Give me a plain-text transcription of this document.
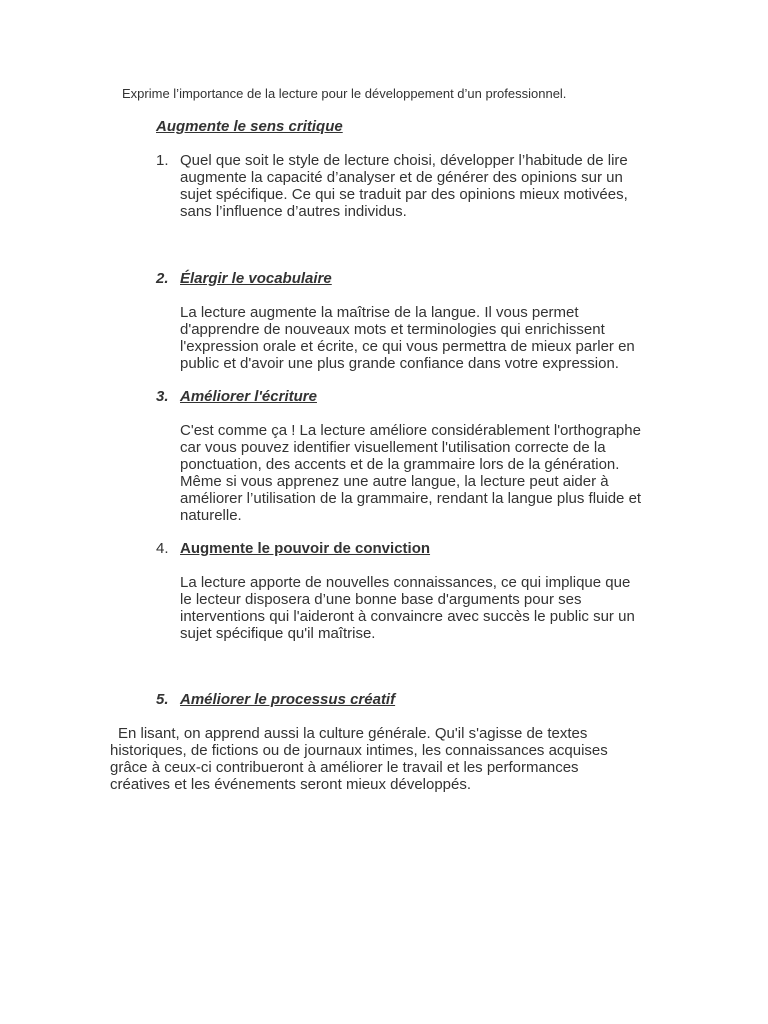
Exprime l’importance de la lecture pour le développement d’un professionnel.
Augmente le sens critique
1. Quel que soit le style de lecture choisi, développer l’habitude de lire
augmente la capacité d’analyser et de générer des opinions sur un
sujet spécifique. Ce qui se traduit par des opinions mieux motivées,
sans l’influence d’autres individus.
2. Élargir le vocabulaire
La lecture augmente la maîtrise de la langue. Il vous permet
d'apprendre de nouveaux mots et terminologies qui enrichissent
l'expression orale et écrite, ce qui vous permettra de mieux parler en
public et d'avoir une plus grande confiance dans votre expression.
3. Améliorer l'écriture
C'est comme ça ! La lecture améliore considérablement l'orthographe
car vous pouvez identifier visuellement l'utilisation correcte de la
ponctuation, des accents et de la grammaire lors de la génération.
Même si vous apprenez une autre langue, la lecture peut aider à
améliorer l’utilisation de la grammaire, rendant la langue plus fluide et
naturelle.
4. Augmente le pouvoir de conviction
La lecture apporte de nouvelles connaissances, ce qui implique que
le lecteur disposera d’une bonne base d'arguments pour ses
interventions qui l'aideront à convaincre avec succès le public sur un
sujet spécifique qu'il maîtrise.
5. Améliorer le processus créatif
En lisant, on apprend aussi la culture générale. Qu'il s'agisse de textes
historiques, de fictions ou de journaux intimes, les connaissances acquises
grâce à ceux-ci contribueront à améliorer le travail et les performances
créatives et les événements seront mieux développés.
